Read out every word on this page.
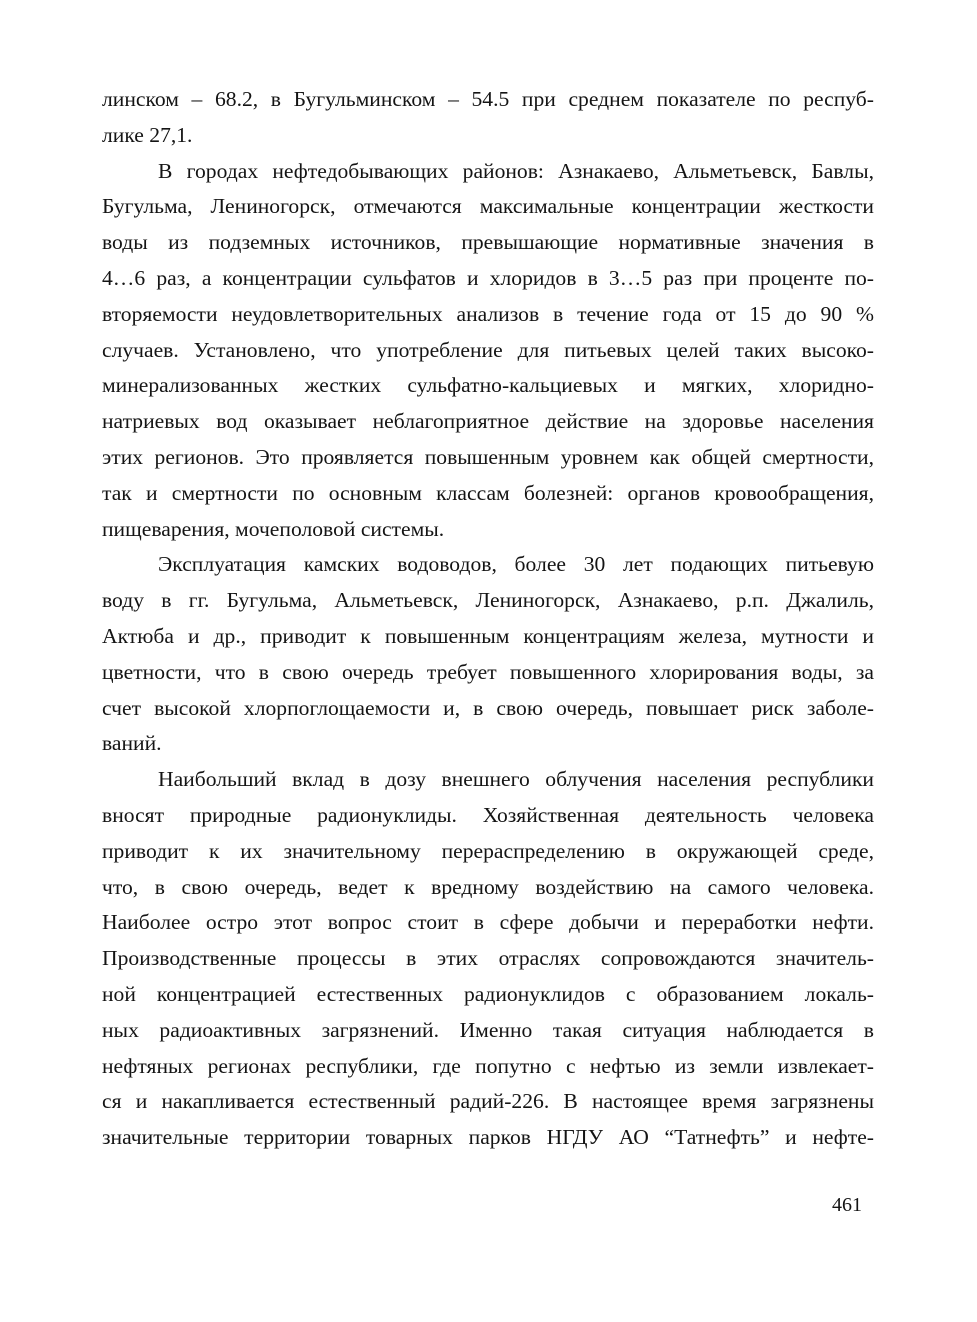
линском – 68.2, в Бугульминском – 54.5 при среднем показателе по респуб-
лике 27,1.
В городах нефтедобывающих районов: Азнакаево, Альметьевск, Бавлы,
Бугульма, Лениногорск, отмечаются максимальные концентрации жесткости
воды из подземных источников, превышающие нормативные значения в
4…6 раз, а концентрации сульфатов и хлоридов в 3…5 раз при проценте по-
вторяемости неудовлетворительных анализов в течение года от 15 до 90 %
случаев. Установлено, что употребление для питьевых целей таких высоко-
минерализованных жестких сульфатно-кальциевых и мягких, хлоридно-
натриевых вод оказывает неблагоприятное действие на здоровье населения
этих регионов. Это проявляется повышенным уровнем как общей смертности,
так и смертности по основным классам болезней: органов кровообращения,
пищеварения, мочеполовой системы.
Эксплуатация камских водоводов, более 30 лет подающих питьевую
воду в гг. Бугульма, Альметьевск, Лениногорск, Азнакаево, р.п. Джалиль,
Актюба и др., приводит к повышенным концентрациям железа, мутности и
цветности, что в свою очередь требует повышенного хлорирования воды, за
счет высокой хлорпоглощаемости и, в свою очередь, повышает риск заболе-
ваний.
Наибольший вклад в дозу внешнего облучения населения республики
вносят природные радионуклиды. Хозяйственная деятельность человека
приводит к их значительному перераспределению в окружающей среде,
что, в свою очередь, ведет к вредному воздействию на самого человека.
Наиболее остро этот вопрос стоит в сфере добычи и переработки нефти.
Производственные процессы в этих отраслях сопровождаются значитель-
ной концентрацией естественных радионуклидов с образованием локаль-
ных радиоактивных загрязнений. Именно такая ситуация наблюдается в
нефтяных регионах республики, где попутно с нефтью из земли извлекает-
ся и накапливается естественный радий-226. В настоящее время загрязнены
значительные территории товарных парков НГДУ АО “Татнефть” и нефте-
461
